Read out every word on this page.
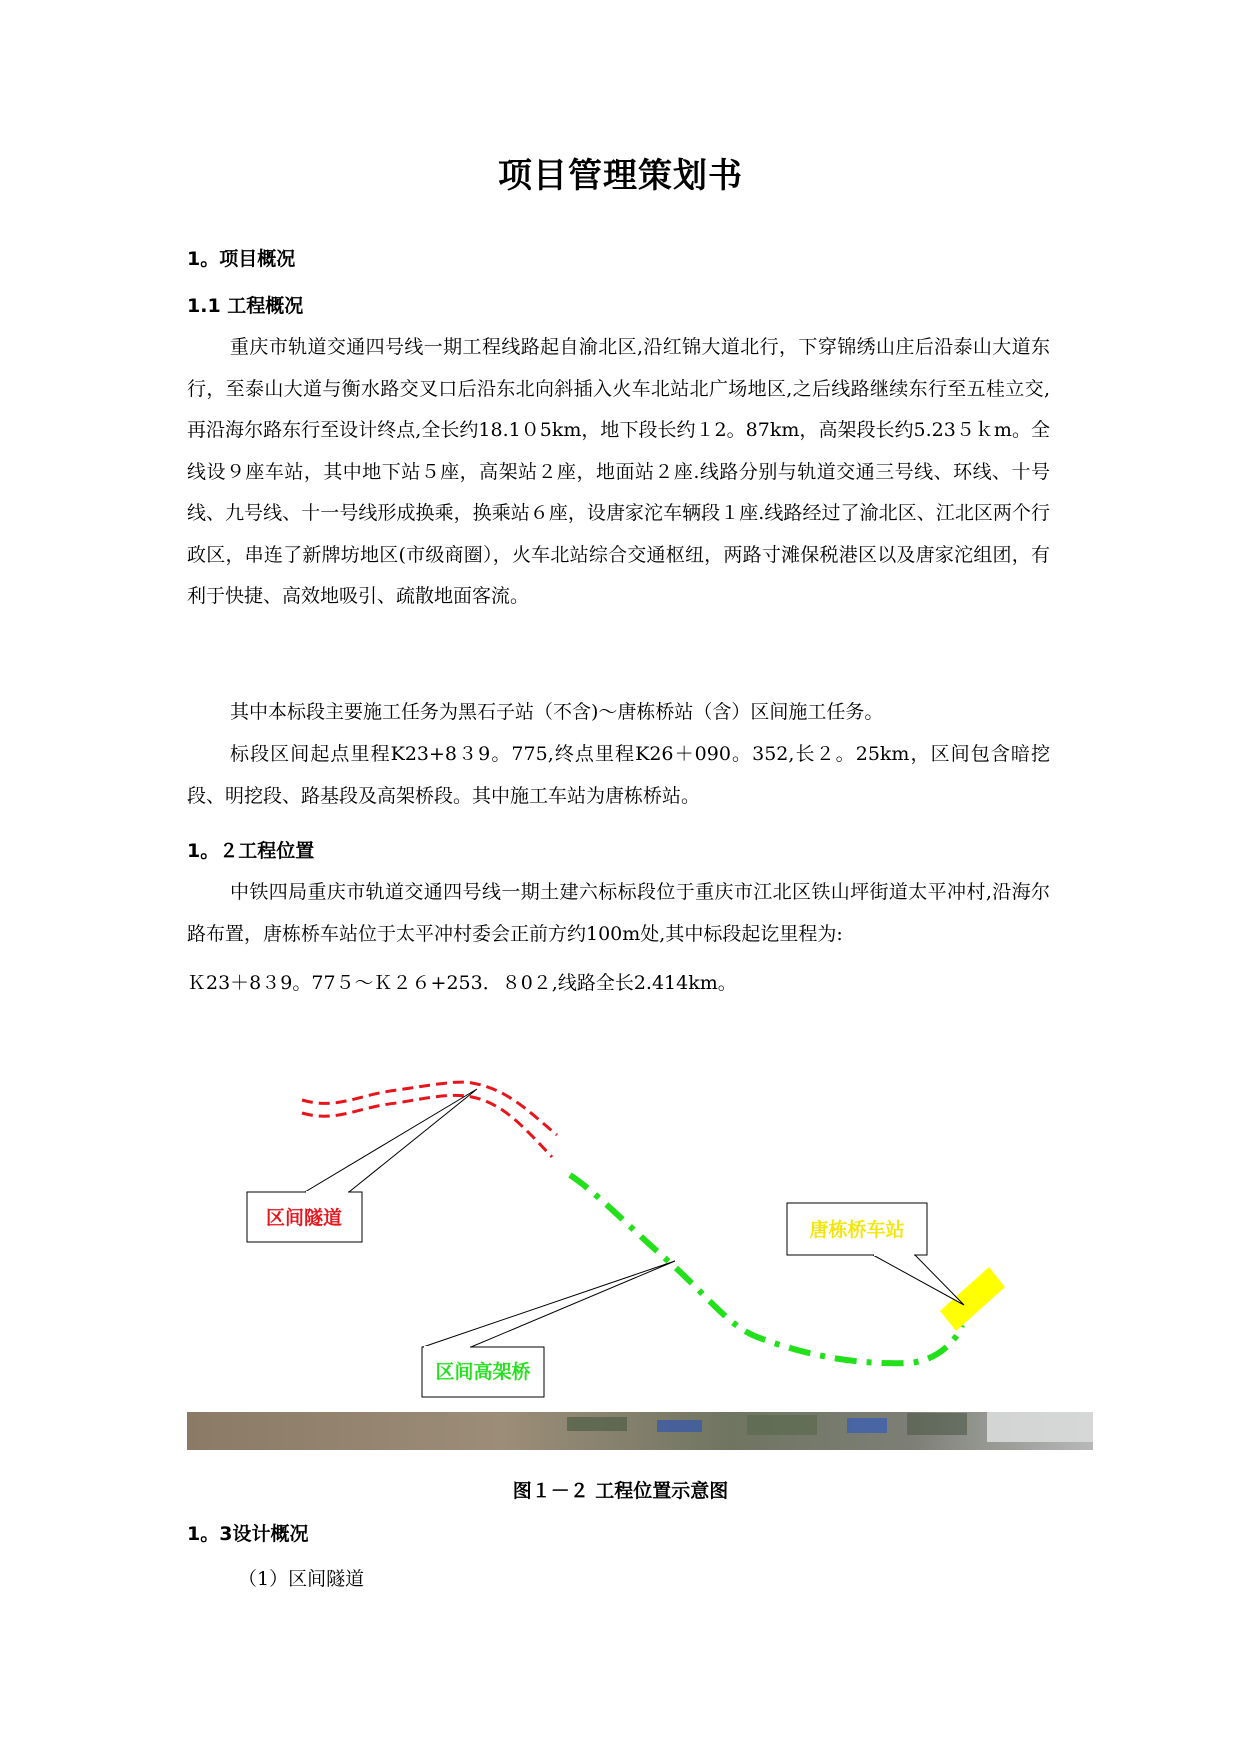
项目管理策划书
1。项目概况
1.1 工程概况

重庆市轨道交通四号线一期工程线路起自渝北区,沿红锦大道北行，下穿锦绣山庄后沿泰山大道东行，至泰山大道与衡水路交叉口后沿东北向斜插入火车北站北广场地区,之后线路继续东行至五桂立交,再沿海尔路东行至设计终点,全长约18.1０5km，地下段长约１2。87km，高架段长约5.23５ｋm。全线设９座车站，其中地下站５座，高架站２座，地面站２座.线路分别与轨道交通三号线、环线、十号线、九号线、十一号线形成换乘，换乘站６座，设唐家沱车辆段１座.线路经过了渝北区、江北区两个行政区，串连了新牌坊地区(市级商圈），火车北站综合交通枢纽，两路寸滩保税港区以及唐家沱组团，有利于快捷、高效地吸引、疏散地面客流。

其中本标段主要施工任务为黑石子站（不含)～唐栋桥站（含）区间施工任务。

标段区间起点里程K23+8３9。775,终点里程K26＋090。352,长２。25km，区间包含暗挖段、明挖段、路基段及高架桥段。其中施工车站为唐栋桥站。

1。２工程位置

中铁四局重庆市轨道交通四号线一期土建六标标段位于重庆市江北区铁山坪街道太平冲村,沿海尔路布置，唐栋桥车站位于太平冲村委会正前方约100m处,其中标段起讫里程为:

Ｋ23＋8３9。77５～Ｋ２６+253．８0２,线路全长2.414km。
区间隧道
唐栋桥车站
区间高架桥
图１－２ 工程位置示意图
1。3设计概况
（1）区间隧道
